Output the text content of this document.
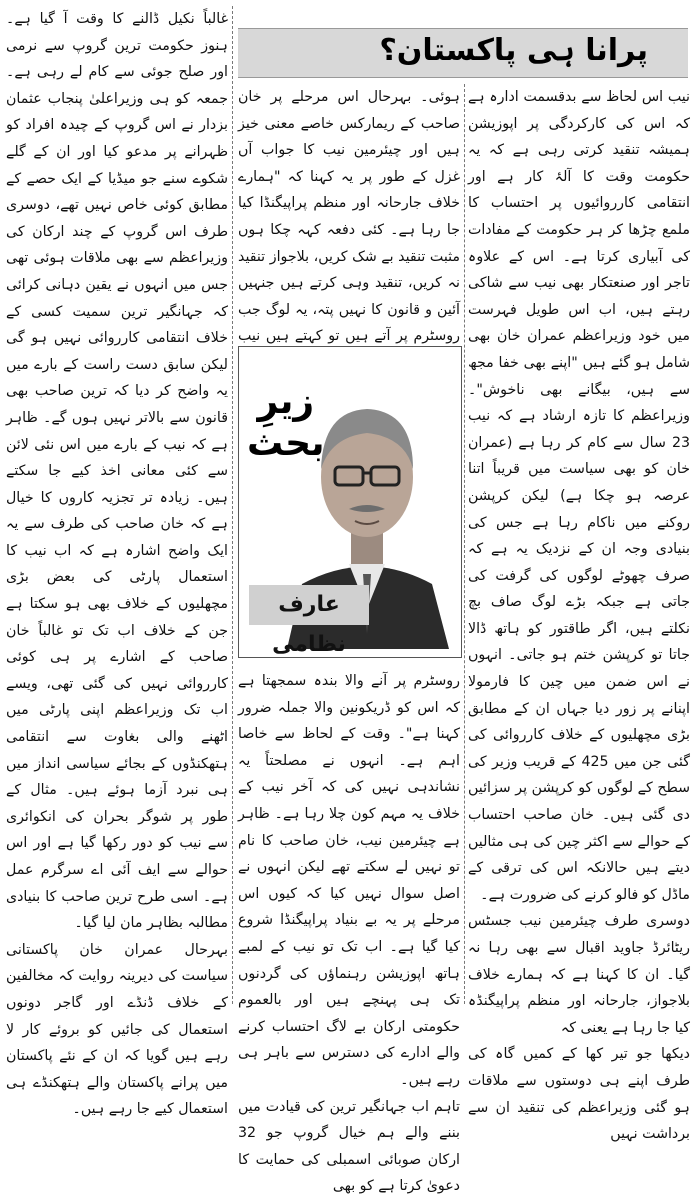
پرانا ہی پاکستان؟

نیب اس لحاظ سے بدقسمت ادارہ ہے کہ اس کی کارکردگی پر اپوزیشن ہمیشہ تنقید کرتی رہی ہے کہ یہ حکومت وقت کا آلۂ کار ہے اور انتقامی کارروائیوں پر احتساب کا ملمع چڑھا کر ہر حکومت کے مفادات کی آبیاری کرتا ہے۔ اس کے علاوہ تاجر اور صنعتکار بھی نیب سے شاکی رہتے ہیں، اب اس طویل فہرست میں خود وزیراعظم عمران خان بھی شامل ہو گئے ہیں "اپنے بھی خفا مجھ سے ہیں، بیگانے بھی ناخوش"۔ وزیراعظم کا تازہ ارشاد ہے کہ نیب 23 سال سے کام کر رہا ہے (عمران خان کو بھی سیاست میں قریباً اتنا عرصہ ہو چکا ہے) لیکن کرپشن روکنے میں ناکام رہا ہے جس کی بنیادی وجہ ان کے نزدیک یہ ہے کہ صرف چھوٹے لوگوں کی گرفت کی جاتی ہے جبکہ بڑے لوگ صاف بچ نکلتے ہیں، اگر طاقتور کو ہاتھ ڈالا جاتا تو کرپشن ختم ہو جاتی۔ انہوں نے اس ضمن میں چین کا فارمولا اپنانے پر زور دیا جہاں ان کے مطابق بڑی مچھلیوں کے خلاف کارروائی کی گئی جن میں 425 کے قریب وزیر کی سطح کے لوگوں کو کرپشن پر سزائیں دی گئی ہیں۔ خان صاحب احتساب کے حوالے سے اکثر چین کی ہی مثالیں دیتے ہیں حالانکہ اس کی ترقی کے ماڈل کو فالو کرنے کی ضرورت ہے۔

دوسری طرف چیئرمین نیب جسٹس ریٹائرڈ جاوید اقبال سے بھی رہا نہ گیا۔ ان کا کہنا ہے کہ ہمارے خلاف بلاجواز، جارحانہ اور منظم پراپیگنڈہ کیا جا رہا ہے یعنی کہ

دیکھا جو تیر کھا کے کمیں گاہ کی طرف اپنے ہی دوستوں سے ملاقات ہو گئی وزیراعظم کی تنقید ان سے برداشت نہیں

ہوئی۔ بہرحال اس مرحلے پر خان صاحب کے ریمارکس خاصے معنی خیز ہیں اور چیئرمین نیب کا جواب آں غزل کے طور پر یہ کہنا کہ "ہمارے خلاف جارحانہ اور منظم پراپیگنڈا کیا جا رہا ہے۔ کئی دفعہ کہہ چکا ہوں مثبت تنقید بے شک کریں، بلاجواز تنقید نہ کریں، تنقید وہی کرتے ہیں جنہیں آئین و قانون کا نہیں پتہ، یہ لوگ جب روسٹرم پر آتے ہیں تو کہتے ہیں نیب

زیرِ
بحث
عارف نظامی

روسٹرم پر آنے والا بندہ سمجھتا ہے کہ اس کو ڈریکونین والا جملہ ضرور کہنا ہے"۔ وقت کے لحاظ سے خاصا اہم ہے۔ انہوں نے مصلحتاً یہ نشاندہی نہیں کی کہ آخر نیب کے خلاف یہ مہم کون چلا رہا ہے۔ ظاہر ہے چیئرمین نیب، خان صاحب کا نام تو نہیں لے سکتے تھے لیکن انہوں نے اصل سوال نہیں کیا کہ کیوں اس مرحلے پر یہ بے بنیاد پراپیگنڈا شروع کیا گیا ہے۔ اب تک تو نیب کے لمبے ہاتھ اپوزیشن رہنماؤں کی گردنوں تک ہی پہنچے ہیں اور بالعموم حکومتی ارکان بے لاگ احتساب کرنے والے ادارے کی دسترس سے باہر ہی رہے ہیں۔

تاہم اب جہانگیر ترین کی قیادت میں بننے والے ہم خیال گروپ جو 32 ارکان صوبائی اسمبلی کی حمایت کا دعویٰ کرتا ہے کو بھی

غالباً نکیل ڈالنے کا وقت آ گیا ہے۔ ہنوز حکومت ترین گروپ سے نرمی اور صلح جوئی سے کام لے رہی ہے۔ جمعہ کو ہی وزیراعلیٰ پنجاب عثمان بزدار نے اس گروپ کے چیدہ افراد کو ظہرانے پر مدعو کیا اور ان کے گلے شکوے سنے جو میڈیا کے ایک حصے کے مطابق کوئی خاص نہیں تھے، دوسری طرف اس گروپ کے چند ارکان کی وزیراعظم سے بھی ملاقات ہوئی تھی جس میں انہوں نے یقین دہانی کرائی کہ جہانگیر ترین سمیت کسی کے خلاف انتقامی کارروائی نہیں ہو گی لیکن سابق دست راست کے بارے میں یہ واضح کر دیا کہ ترین صاحب بھی قانون سے بالاتر نہیں ہوں گے۔ ظاہر ہے کہ نیب کے بارے میں اس نئی لائن سے کئی معانی اخذ کیے جا سکتے ہیں۔ زیادہ تر تجزیہ کاروں کا خیال ہے کہ خان صاحب کی طرف سے یہ ایک واضح اشارہ ہے کہ اب نیب کا استعمال پارٹی کی بعض بڑی مچھلیوں کے خلاف بھی ہو سکتا ہے جن کے خلاف اب تک تو غالباً خان صاحب کے اشارے پر ہی کوئی کارروائی نہیں کی گئی تھی، ویسے اب تک وزیراعظم اپنی پارٹی میں اٹھنے والی بغاوت سے انتقامی ہتھکنڈوں کے بجائے سیاسی انداز میں ہی نبرد آزما ہوئے ہیں۔ مثال کے طور پر شوگر بحران کی انکوائری سے نیب کو دور رکھا گیا ہے اور اس حوالے سے ایف آئی اے سرگرم عمل ہے۔ اسی طرح ترین صاحب کا بنیادی مطالبہ بظاہر مان لیا گیا۔

بہرحال عمران خان پاکستانی سیاست کی دیرینہ روایت کہ مخالفین کے خلاف ڈنڈے اور گاجر دونوں استعمال کی جائیں کو بروئے کار لا رہے ہیں گویا کہ ان کے نئے پاکستان میں پرانے پاکستان والے ہتھکنڈے ہی استعمال کیے جا رہے ہیں۔
